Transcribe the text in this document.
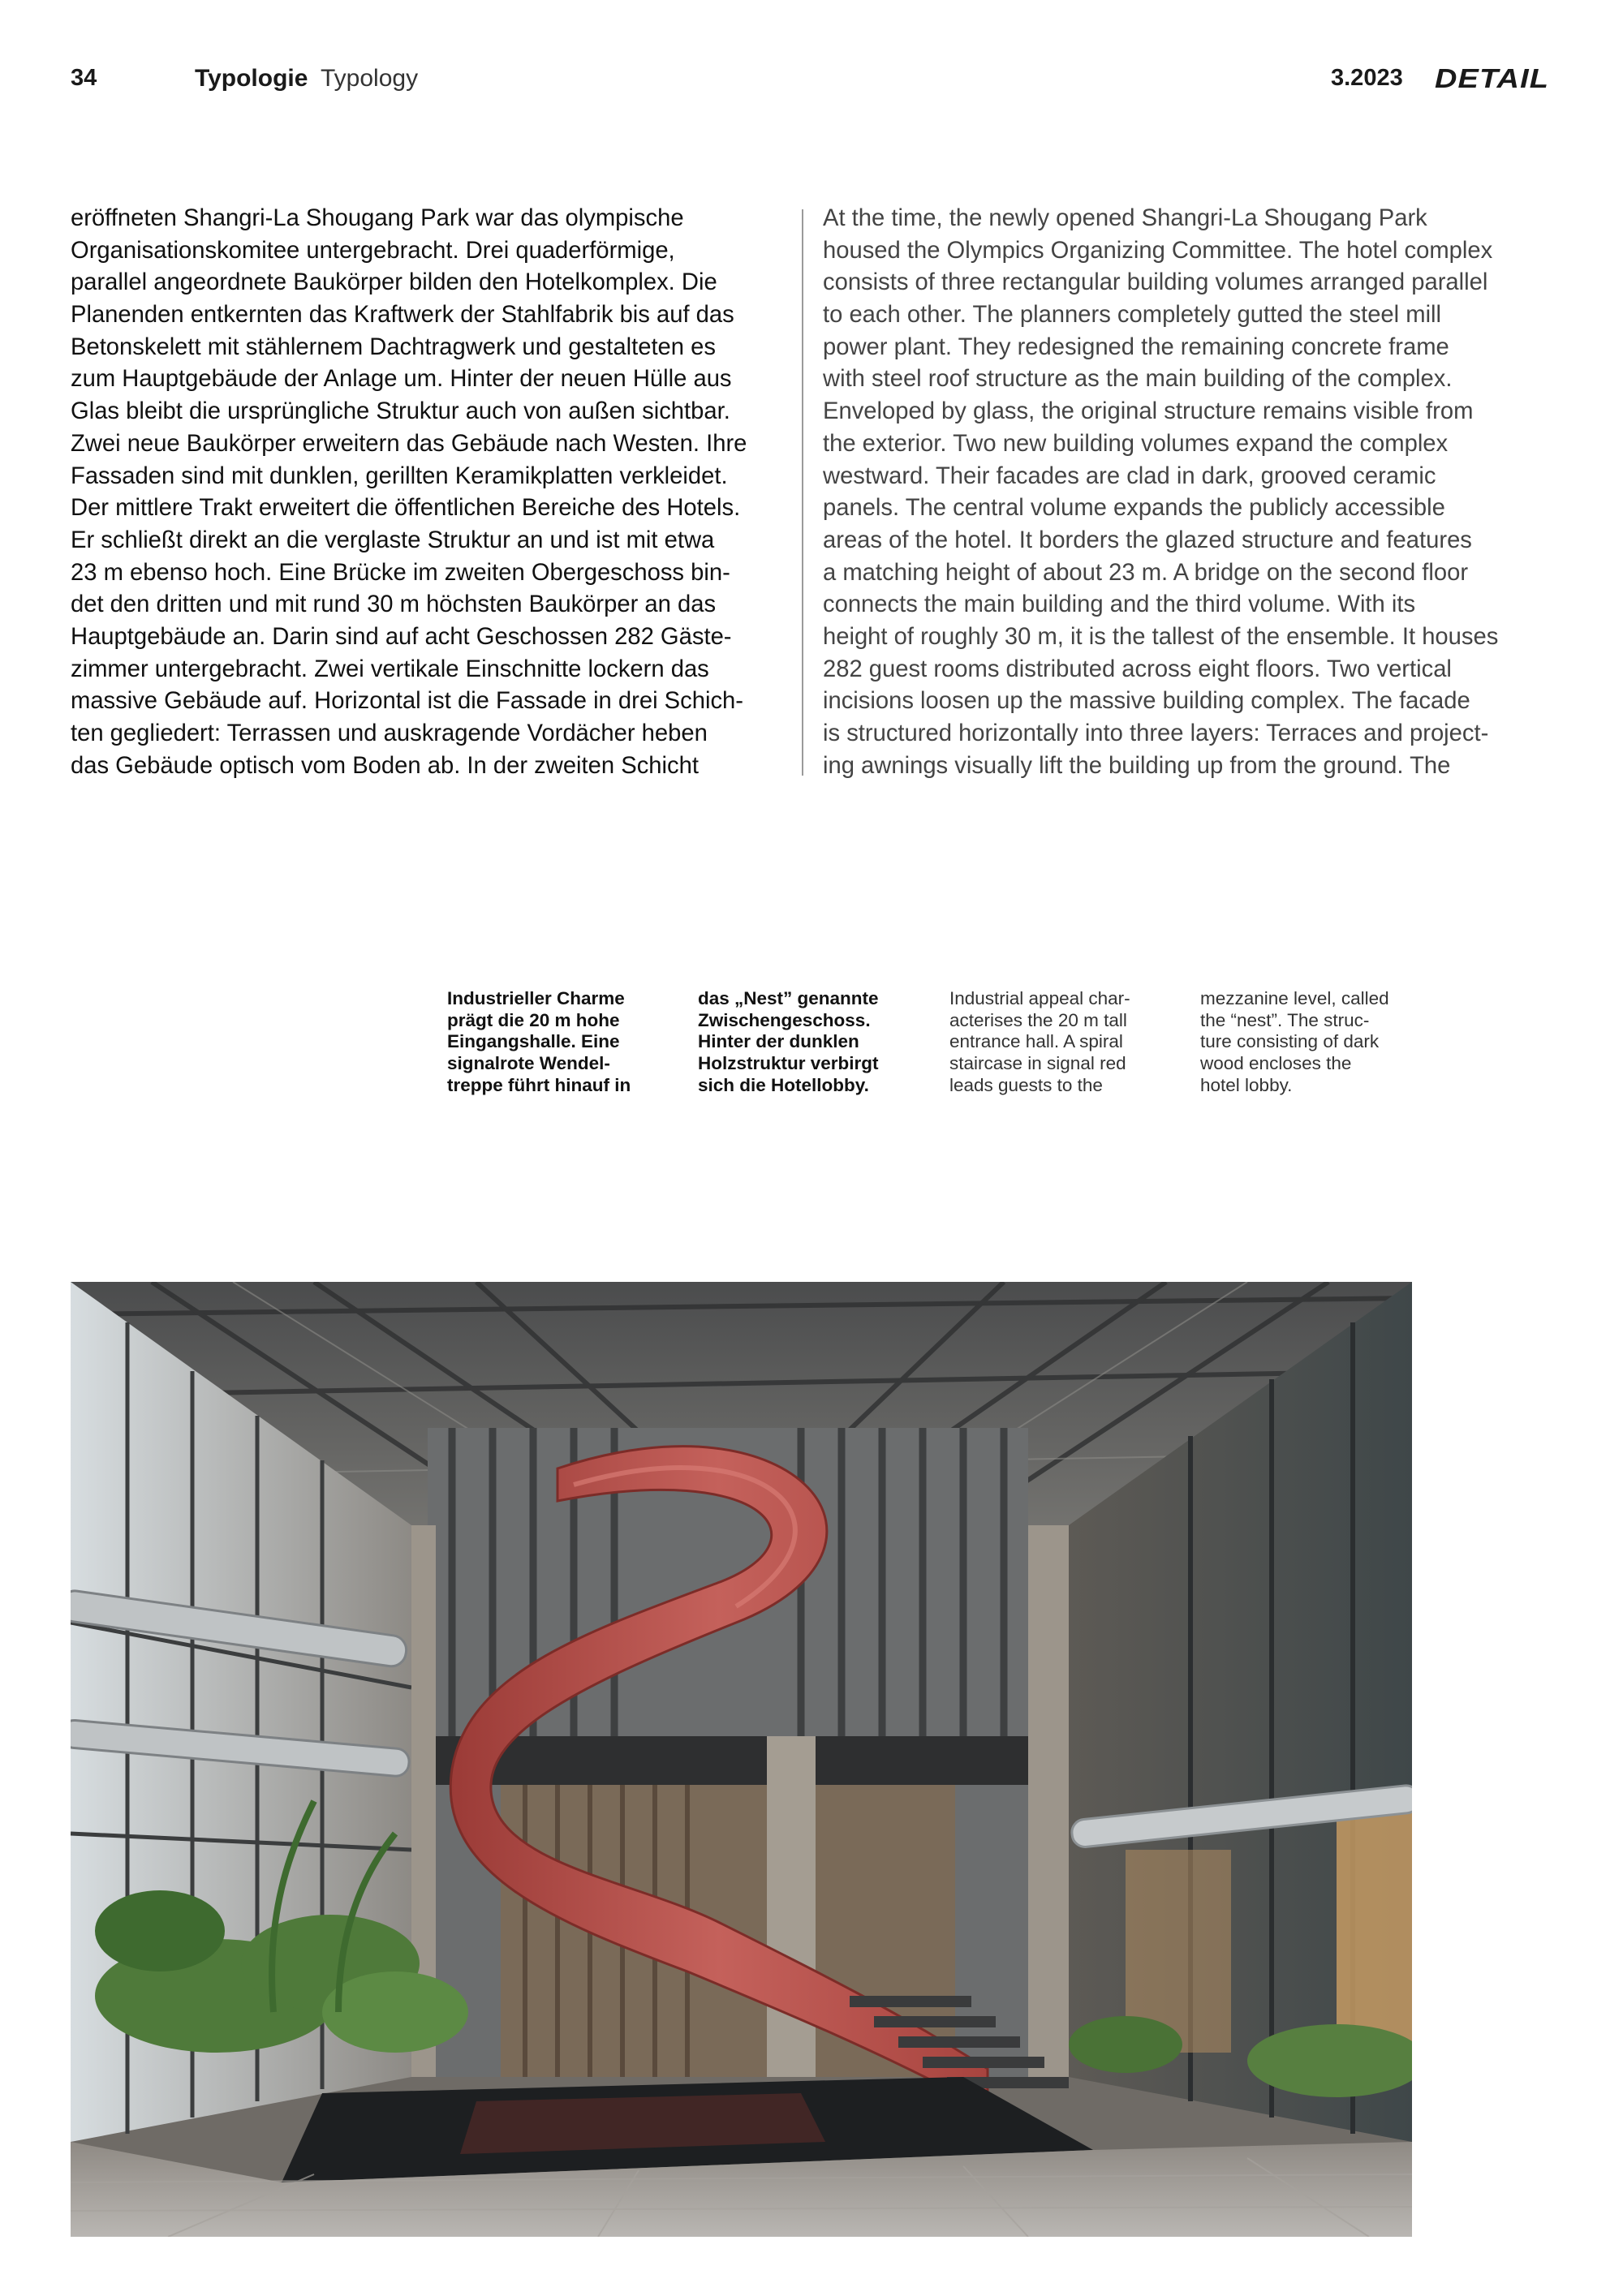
34	Typologie Typology	3.2023 DETAIL
eröffneten Shangri-La Shougang Park war das olympische
Organisationskomitee untergebracht. Drei quaderförmige,
parallel angeordnete Baukörper bilden den Hotelkomplex. Die
Planenden entkernten das Kraftwerk der Stahlfabrik bis auf das
Betonskelett mit stählernem Dachtragwerk und gestalteten es
zum Hauptgebäude der Anlage um. Hinter der neuen Hülle aus
Glas bleibt die ursprüngliche Struktur auch von außen sichtbar.
Zwei neue Baukörper erweitern das Gebäude nach Westen. Ihre
Fassaden sind mit dunklen, gerillten Keramikplatten verkleidet.
Der mittlere Trakt erweitert die öffentlichen Bereiche des Hotels.
Er schließt direkt an die verglaste Struktur an und ist mit etwa
23 m ebenso hoch. Eine Brücke im zweiten Obergeschoss bin-
det den dritten und mit rund 30 m höchsten Baukörper an das
Hauptgebäude an. Darin sind auf acht Geschossen 282 Gäste-
zimmer untergebracht. Zwei vertikale Einschnitte lockern das
massive Gebäude auf. Horizontal ist die Fassade in drei Schich-
ten gegliedert: Terrassen und auskragende Vordächer heben
das Gebäude optisch vom Boden ab. In der zweiten Schicht
At the time, the newly opened Shangri-La Shougang Park
housed the Olympics Organizing Committee. The hotel complex
consists of three rectangular building volumes arranged parallel
to each other. The planners completely gutted the steel mill
power plant. They redesigned the remaining concrete frame
with steel roof structure as the main building of the complex.
Enveloped by glass, the original structure remains visible from
the exterior. Two new building volumes expand the complex
westward. Their facades are clad in dark, grooved ceramic
panels. The central volume expands the publicly accessible
areas of the hotel. It borders the glazed structure and features
a matching height of about 23 m. A bridge on the second floor
connects the main building and the third volume. With its
height of roughly 30 m, it is the tallest of the ensemble. It houses
282 guest rooms distributed across eight floors. Two vertical
incisions loosen up the massive building complex. The facade
is structured horizontally into three layers: Terraces and project-
ing awnings visually lift the building up from the ground. The
Industrieller Charme
prägt die 20 m hohe
Eingangshalle. Eine
signalrote Wendel-
treppe führt hinauf in
das „Nest” genannte
Zwischengeschoss.
Hinter der dunklen
Holzstruktur verbirgt
sich die Hotellobby.
Industrial appeal char-
acterises the 20 m tall
entrance hall. A spiral
staircase in signal red
leads guests to the
mezzanine level, called
the “nest”. The struc-
ture consisting of dark
wood encloses the
hotel lobby.
